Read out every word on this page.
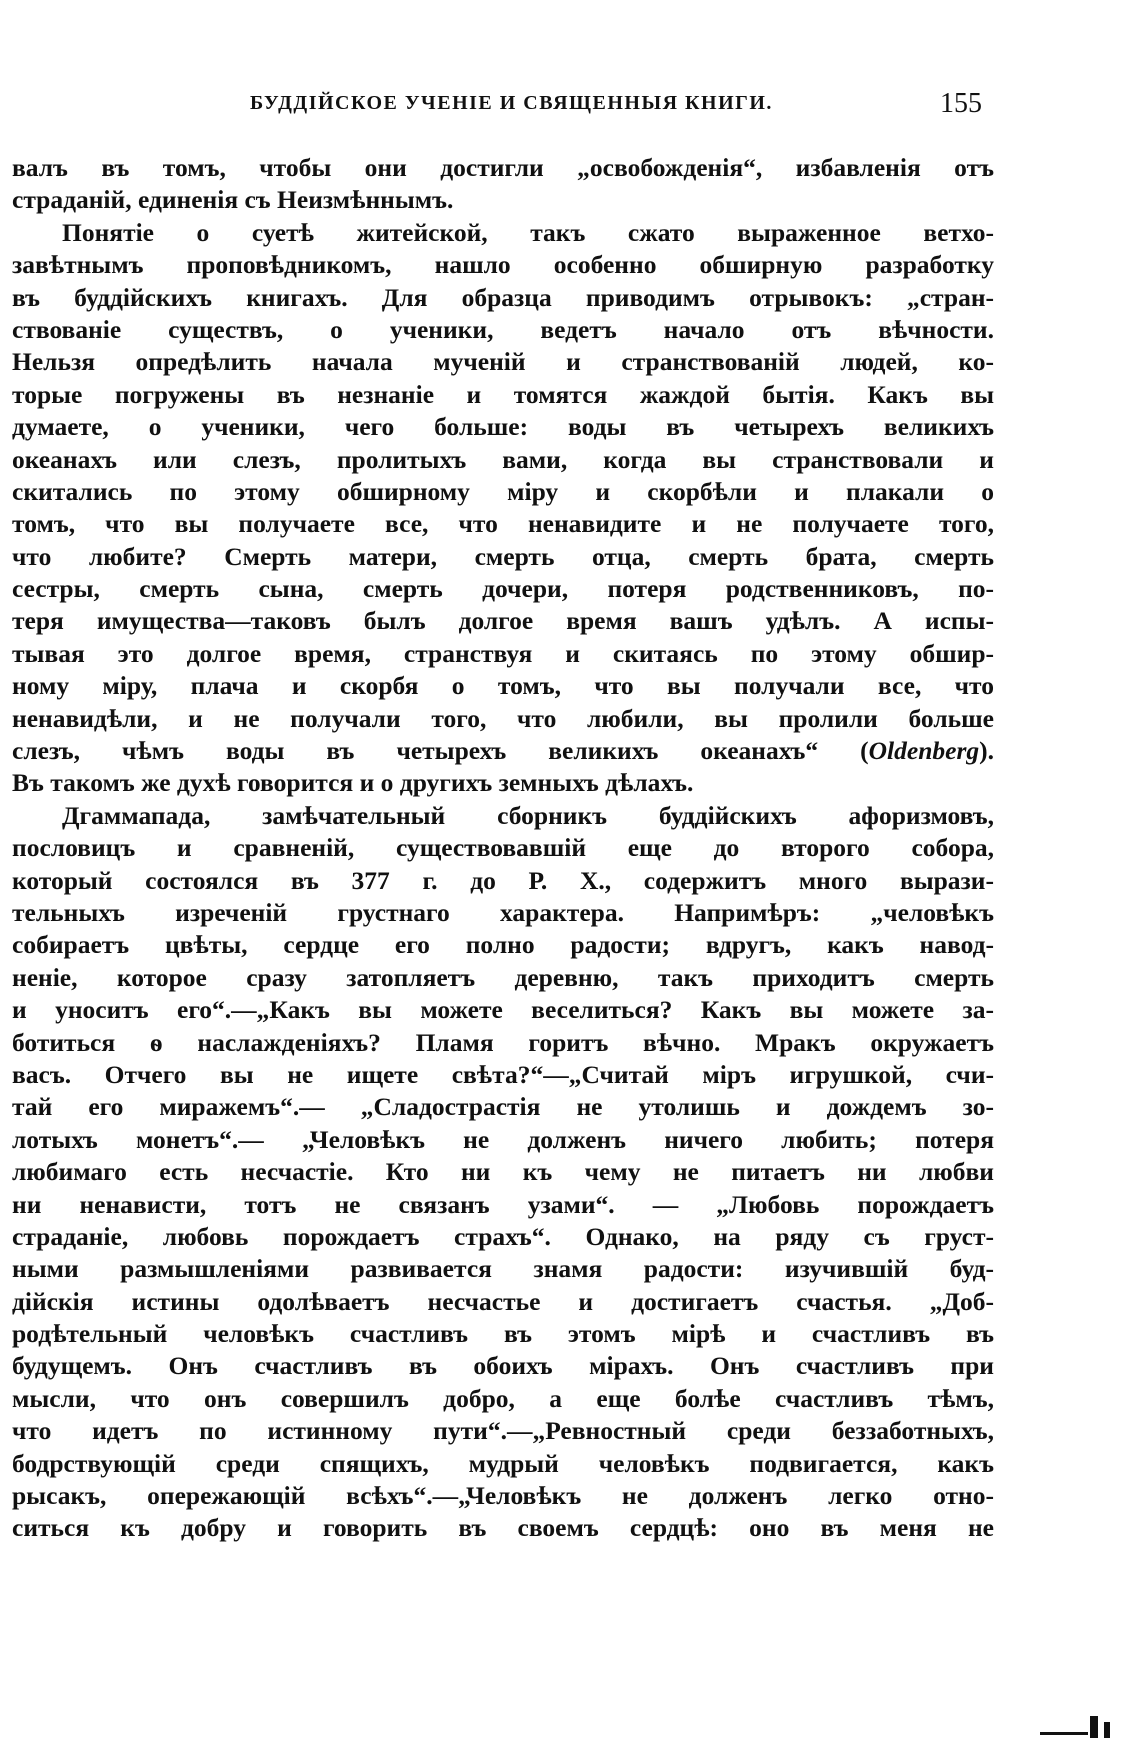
БУДДІЙСКОЕ УЧЕНІЕ И СВЯЩЕННЫЯ КНИГИ.	155
валъ въ томъ, чтобы они достигли „освобожденія“, избавленія отъ
страданій, единенія съ Неизмѣннымъ.
Понятіе о суетѣ житейской, такъ сжато выраженное ветхо-
завѣтнымъ проповѣдникомъ, нашло особенно обширную разработку
въ буддійскихъ книгахъ. Для образца приводимъ отрывокъ: „стран-
ствованіе существъ, о ученики, ведетъ начало отъ вѣчности.
Нельзя опредѣлить начала мученій и странствованій людей, ко-
торые погружены въ незнаніе и томятся жаждой бытія. Какъ вы
думаете, о ученики, чего больше: воды въ четырехъ великихъ
океанахъ или слезъ, пролитыхъ вами, когда вы странствовали и
скитались по этому обширному міру и скорбѣли и плакали о
томъ, что вы получаете все, что ненавидите и не получаете того,
что любите? Смерть матери, смерть отца, смерть брата, смерть
сестры, смерть сына, смерть дочери, потеря родственниковъ, по-
теря имущества—таковъ былъ долгое время вашъ удѣлъ. А испы-
тывая это долгое время, странствуя и скитаясь по этому обшир-
ному міру, плача и скорбя о томъ, что вы получали все, что
ненавидѣли, и не получали того, что любили, вы пролили больше
слезъ, чѣмъ воды въ четырехъ великихъ океанахъ“ (Oldenberg).
Въ такомъ же духѣ говорится и о другихъ земныхъ дѣлахъ.
Дгаммапада, замѣчательный сборникъ буддійскихъ афоризмовъ,
пословицъ и сравненій, существовавшій еще до второго собора,
который состоялся въ 377 г. до Р. Х., содержитъ много вырази-
тельныхъ изреченій грустнаго характера. Напримѣръ: „человѣкъ
собираетъ цвѣты, сердце его полно радости; вдругъ, какъ навод-
неніе, которое сразу затопляетъ деревню, такъ приходитъ смерть
и уноситъ его“.—„Какъ вы можете веселиться? Какъ вы можете за-
ботиться ѳ наслажденіяхъ? Пламя горитъ вѣчно. Мракъ окружаетъ
васъ. Отчего вы не ищете свѣта?“—„Считай міръ игрушкой, счи-
тай его миражемъ“.— „Сладострастія не утолишь и дождемъ зо-
лотыхъ монетъ“.— „Человѣкъ не долженъ ничего любить; потеря
любимаго есть несчастіе. Кто ни къ чему не питаетъ ни любви
ни ненависти, тотъ не связанъ узами“. — „Любовь порождаетъ
страданіе, любовь порождаетъ страхъ“. Однако, на ряду съ груст-
ными размышленіями развивается знамя радости: изучившій буд-
дійскія истины одолѣваетъ несчастье и достигаетъ счастья. „Доб-
родѣтельный человѣкъ счастливъ въ этомъ мірѣ и счастливъ въ
будущемъ. Онъ счастливъ въ обоихъ мірахъ. Онъ счастливъ при
мысли, что онъ совершилъ добро, а еще болѣе счастливъ тѣмъ,
что идетъ по истинному пути“.—„Ревностный среди беззаботныхъ,
бодрствующій среди спящихъ, мудрый человѣкъ подвигается, какъ
рысакъ, опережающій всѣхъ“.—„Человѣкъ не долженъ легко отно-
ситься къ добру и говорить въ своемъ сердцѣ: оно въ меня не
